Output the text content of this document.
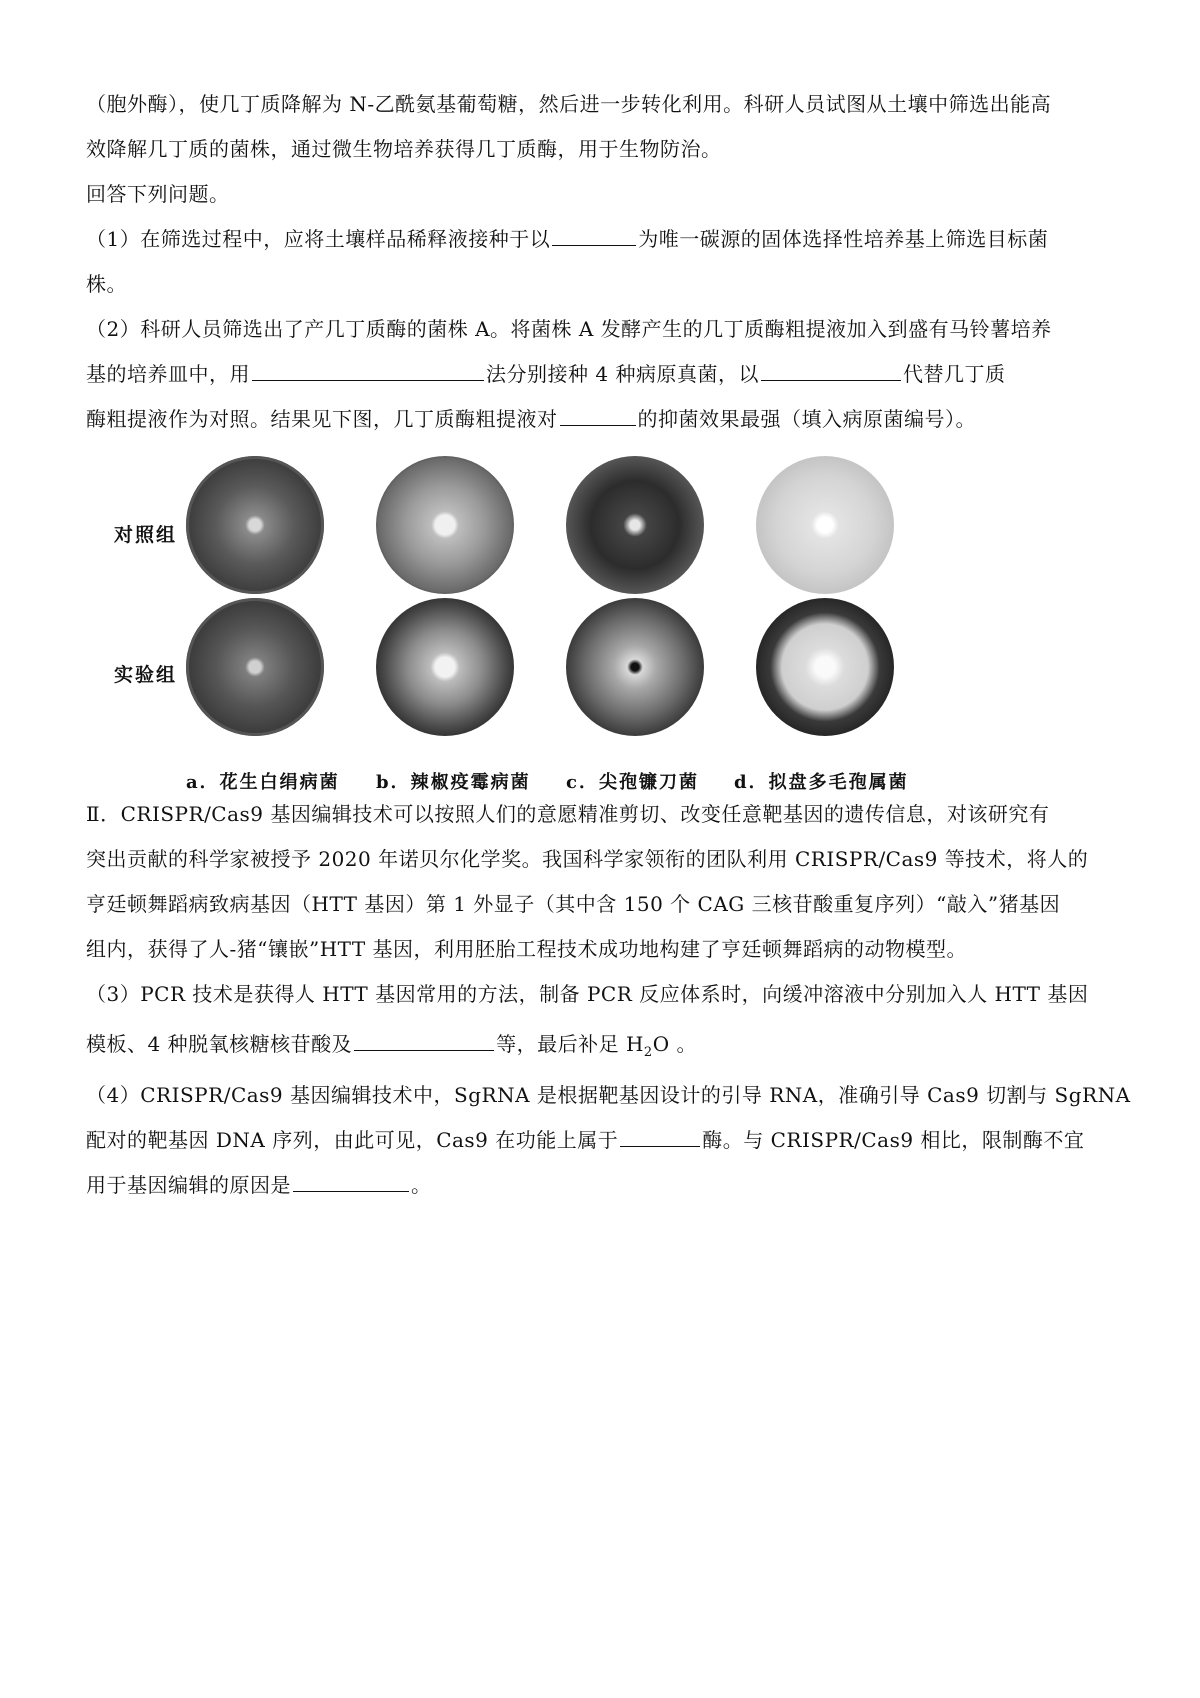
（胞外酶），使几丁质降解为 N-乙酰氨基葡萄糖，然后进一步转化利用。科研人员试图从土壤中筛选出能高
效降解几丁质的菌株，通过微生物培养获得几丁质酶，用于生物防治。
回答下列问题。
（1）在筛选过程中，应将土壤样品稀释液接种于以	为唯一碳源的固体选择性培养基上筛选目标菌
株。
（2）科研人员筛选出了产几丁质酶的菌株 A。将菌株 A 发酵产生的几丁质酶粗提液加入到盛有马铃薯培养
基的培养皿中，用	法分别接种 4 种病原真菌，以	代替几丁质
酶粗提液作为对照。结果见下图，几丁质酶粗提液对	的抑菌效果最强（填入病原菌编号）。
对照组
实验组
a．花生白绢病菌 b．辣椒疫霉病菌 c．尖孢镰刀菌 d．拟盘多毛孢属菌
Ⅱ．CRISPR/Cas9 基因编辑技术可以按照人们的意愿精准剪切、改变任意靶基因的遗传信息，对该研究有
突出贡献的科学家被授予 2020 年诺贝尔化学奖。我国科学家领衔的团队利用 CRISPR/Cas9 等技术，将人的
亨廷顿舞蹈病致病基因（HTT 基因）第 1 外显子（其中含 150 个 CAG 三核苷酸重复序列）“敲入”猪基因
组内，获得了人-猪“镶嵌”HTT 基因，利用胚胎工程技术成功地构建了亨廷顿舞蹈病的动物模型。
（3）PCR 技术是获得人 HTT 基因常用的方法，制备 PCR 反应体系时，向缓冲溶液中分别加入人 HTT 基因
模板、4 种脱氧核糖核苷酸及	等，最后补足 $H_2O$ 。
（4）CRISPR/Cas9 基因编辑技术中，SgRNA 是根据靶基因设计的引导 RNA，准确引导 Cas9 切割与 SgRNA
配对的靶基因 DNA 序列，由此可见，Cas9 在功能上属于	酶。与 CRISPR/Cas9 相比，限制酶不宜
用于基因编辑的原因是	。
